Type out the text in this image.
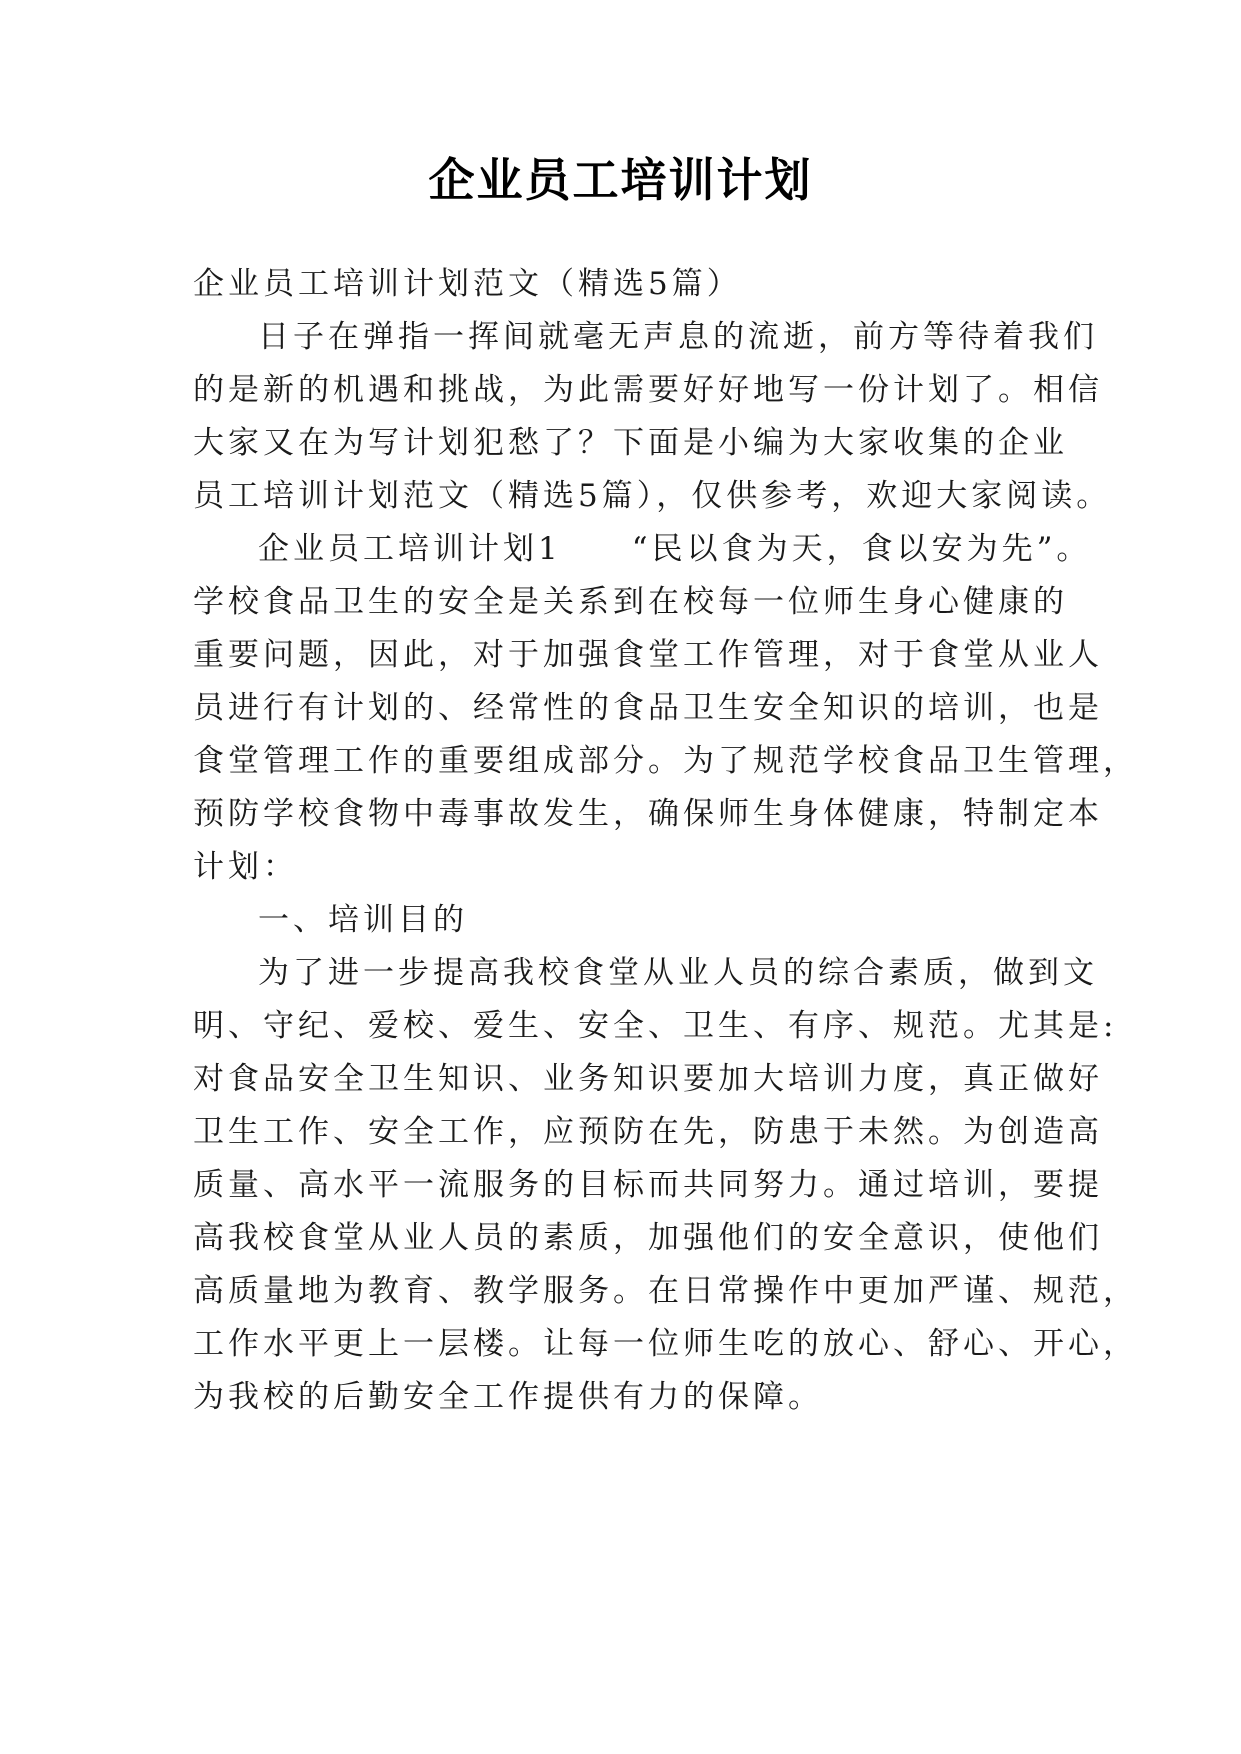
企业员工培训计划
企业员工培训计划范文（精选5篇）
日子在弹指一挥间就毫无声息的流逝，前方等待着我们
的是新的机遇和挑战，为此需要好好地写一份计划了。相信
大家又在为写计划犯愁了？下面是小编为大家收集的企业
员工培训计划范文（精选5篇），仅供参考，欢迎大家阅读。
企业员工培训计划1　　“民以食为天，食以安为先”。
学校食品卫生的安全是关系到在校每一位师生身心健康的
重要问题，因此，对于加强食堂工作管理，对于食堂从业人
员进行有计划的、经常性的食品卫生安全知识的培训，也是
食堂管理工作的重要组成部分。为了规范学校食品卫生管理，
预防学校食物中毒事故发生，确保师生身体健康，特制定本
计划：
一、培训目的
为了进一步提高我校食堂从业人员的综合素质，做到文
明、守纪、爱校、爱生、安全、卫生、有序、规范。尤其是:
对食品安全卫生知识、业务知识要加大培训力度，真正做好
卫生工作、安全工作，应预防在先，防患于未然。为创造高
质量、高水平一流服务的目标而共同努力。通过培训，要提
高我校食堂从业人员的素质，加强他们的安全意识，使他们
高质量地为教育、教学服务。在日常操作中更加严谨、规范，
工作水平更上一层楼。让每一位师生吃的放心、舒心、开心，
为我校的后勤安全工作提供有力的保障。
